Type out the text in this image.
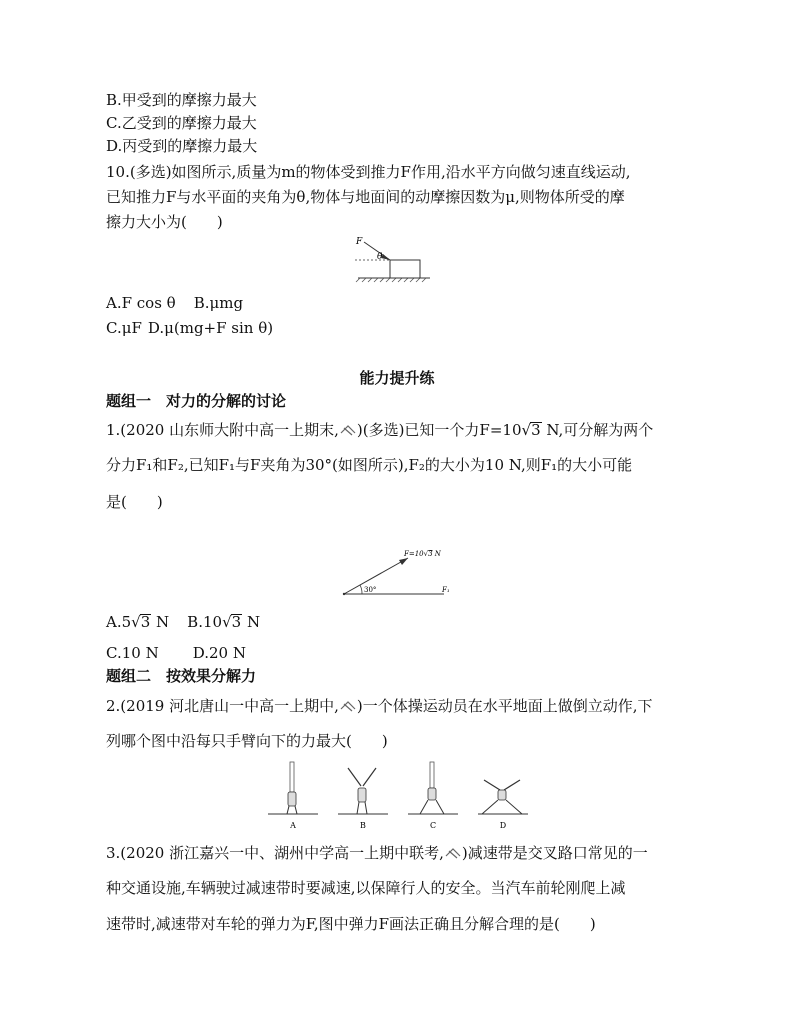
B.甲受到的摩擦力最大
C.乙受到的摩擦力最大
D.丙受到的摩擦力最大
10.(多选)如图所示,质量为m的物体受到推力F作用,沿水平方向做匀速直线运动,
已知推力F与水平面的夹角为θ,物体与地面间的动摩擦因数为μ,则物体所受的摩
擦力大小为(　　)
F
θ
A.F cos θ B.μmg
C.μF D.μ(mg+F sin θ)
能力提升练
题组一　对力的分解的讨论
1.(2020 山东师大附中高一上期末, )(多选)已知一个力F=10√3 N,可分解为两个
分力F₁和F₂,已知F₁与F夹角为30°(如图所示),F₂的大小为10 N,则F₁的大小可能
是(　　)
30°
F=10√3 N
F₁
A.5√3 N B.10√3 N
C.10 N D.20 N
题组二　按效果分解力
2.(2019 河北唐山一中高一上期中, )一个体操运动员在水平地面上做倒立动作,下
列哪个图中沿每只手臂向下的力最大(　　)
A	B	C	D
3.(2020 浙江嘉兴一中、湖州中学高一上期中联考, )减速带是交叉路口常见的一
种交通设施,车辆驶过减速带时要减速,以保障行人的安全。当汽车前轮刚爬上减
速带时,减速带对车轮的弹力为F,图中弹力F画法正确且分解合理的是(　　)
